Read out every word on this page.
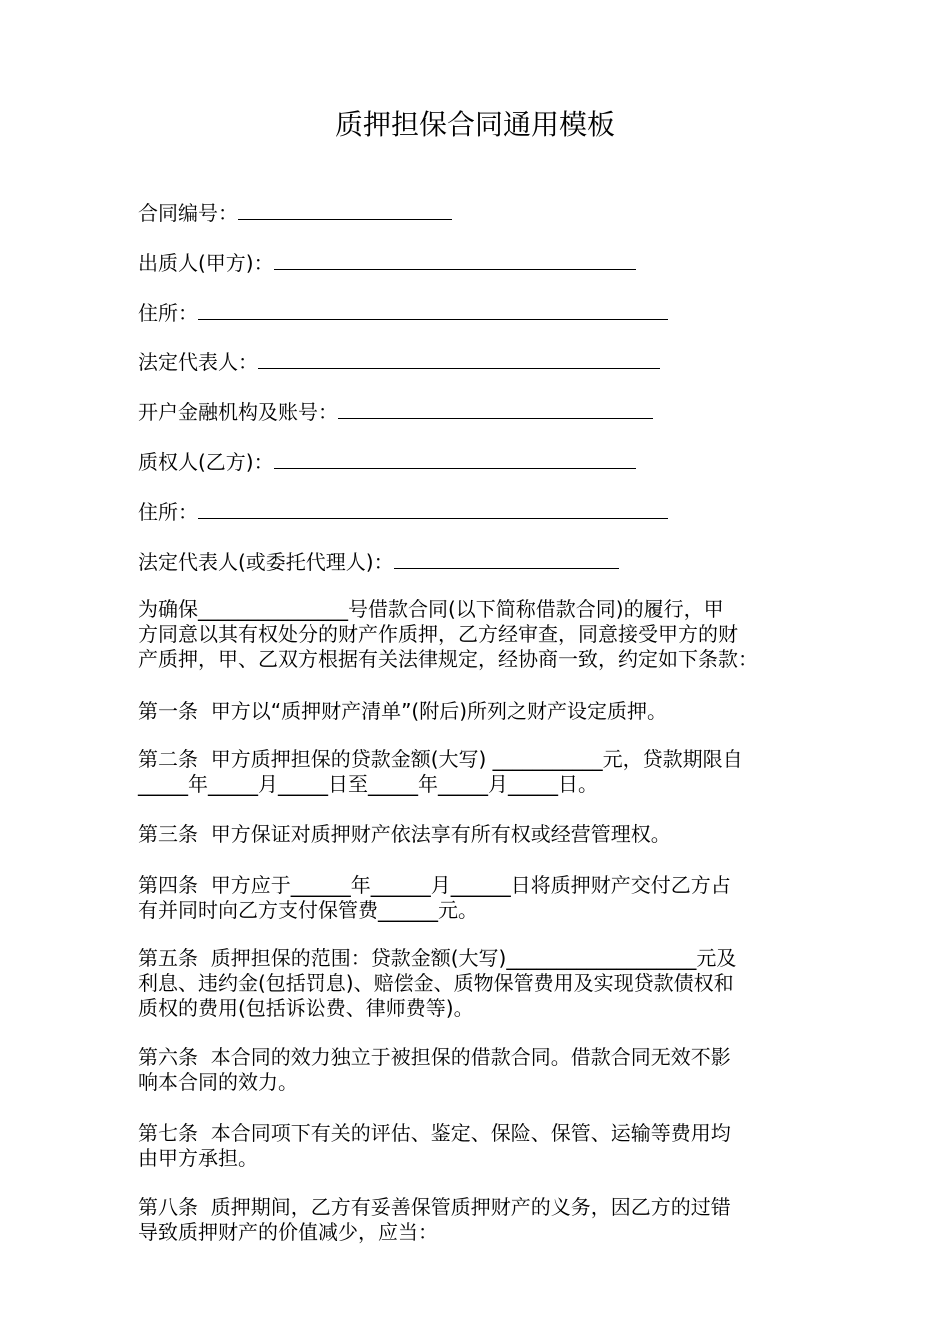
质押担保合同通用模板
合同编号：
出质人(甲方)：
住所：
法定代表人：
开户金融机构及账号：
质权人(乙方)：
住所：
法定代表人(或委托代理人)：
为确保_______________号借款合同(以下简称借款合同)的履行，甲
方同意以其有权处分的财产作质押，乙方经审查，同意接受甲方的财
产质押，甲、乙双方根据有关法律规定，经协商一致，约定如下条款：
第一条  甲方以“质押财产清单”(附后)所列之财产设定质押。
第二条  甲方质押担保的贷款金额(大写) ___________元，贷款期限自
_____年_____月_____日至_____年_____月_____日。
第三条  甲方保证对质押财产依法享有所有权或经营管理权。
第四条  甲方应于______年______月______日将质押财产交付乙方占
有并同时向乙方支付保管费______元。
第五条  质押担保的范围：贷款金额(大写)___________________元及
利息、违约金(包括罚息)、赔偿金、质物保管费用及实现贷款债权和
质权的费用(包括诉讼费、律师费等)。
第六条  本合同的效力独立于被担保的借款合同。借款合同无效不影
响本合同的效力。
第七条  本合同项下有关的评估、鉴定、保险、保管、运输等费用均
由甲方承担。
第八条  质押期间，乙方有妥善保管质押财产的义务，因乙方的过错
导致质押财产的价值减少，应当：
